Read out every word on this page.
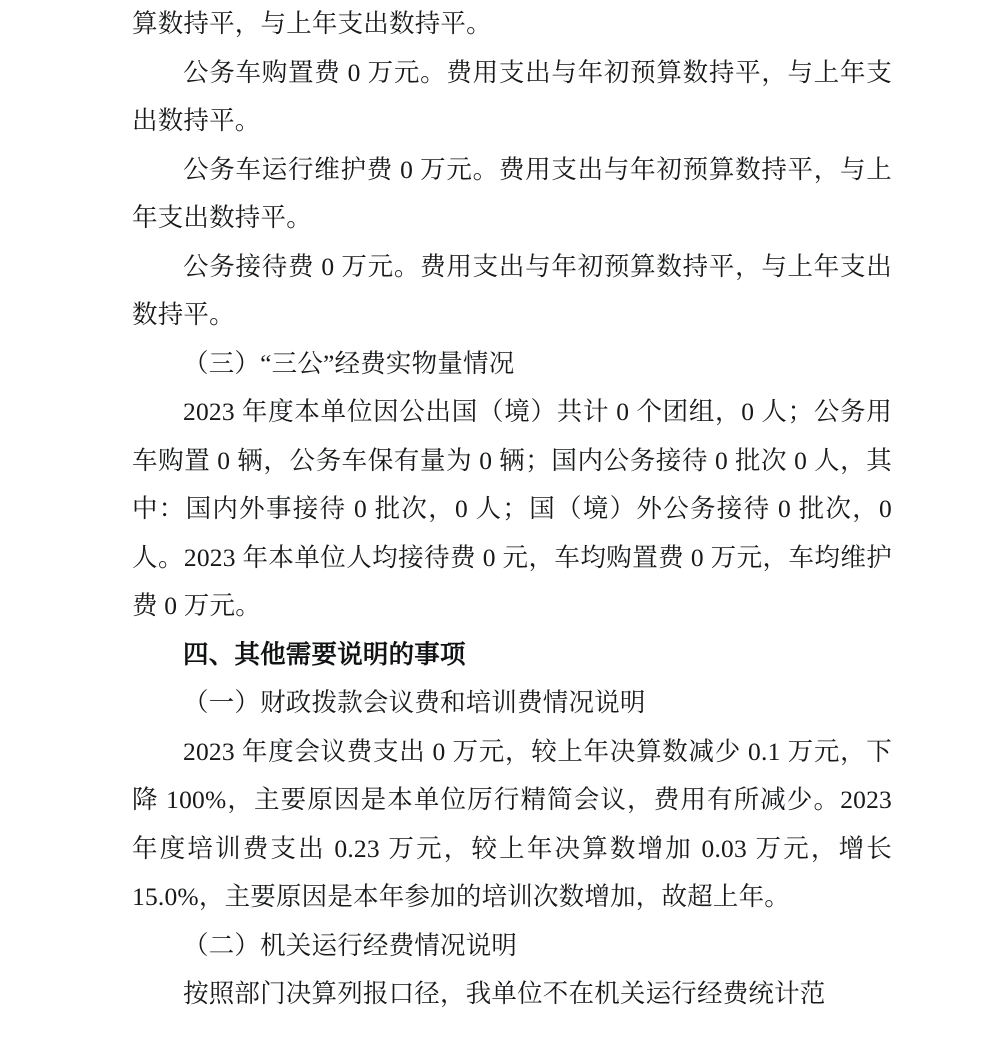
算数持平，与上年支出数持平。

公务车购置费 0 万元。费用支出与年初预算数持平，与上年支出数持平。

公务车运行维护费 0 万元。费用支出与年初预算数持平，与上年支出数持平。

公务接待费 0 万元。费用支出与年初预算数持平，与上年支出数持平。

（三）“三公”经费实物量情况

2023 年度本单位因公出国（境）共计 0 个团组，0 人；公务用车购置 0 辆，公务车保有量为 0 辆；国内公务接待 0 批次 0 人，其中：国内外事接待 0 批次，0 人；国（境）外公务接待 0 批次，0 人。2023 年本单位人均接待费 0 元，车均购置费 0 万元，车均维护费 0 万元。

四、其他需要说明的事项

（一）财政拨款会议费和培训费情况说明

2023 年度会议费支出 0 万元，较上年决算数减少 0.1 万元，下降 100%，主要原因是本单位厉行精简会议，费用有所减少。2023 年度培训费支出 0.23 万元，较上年决算数增加 0.03 万元，增长 15.0%，主要原因是本年参加的培训次数增加，故超上年。

（二）机关运行经费情况说明

按照部门决算列报口径，我单位不在机关运行经费统计范
